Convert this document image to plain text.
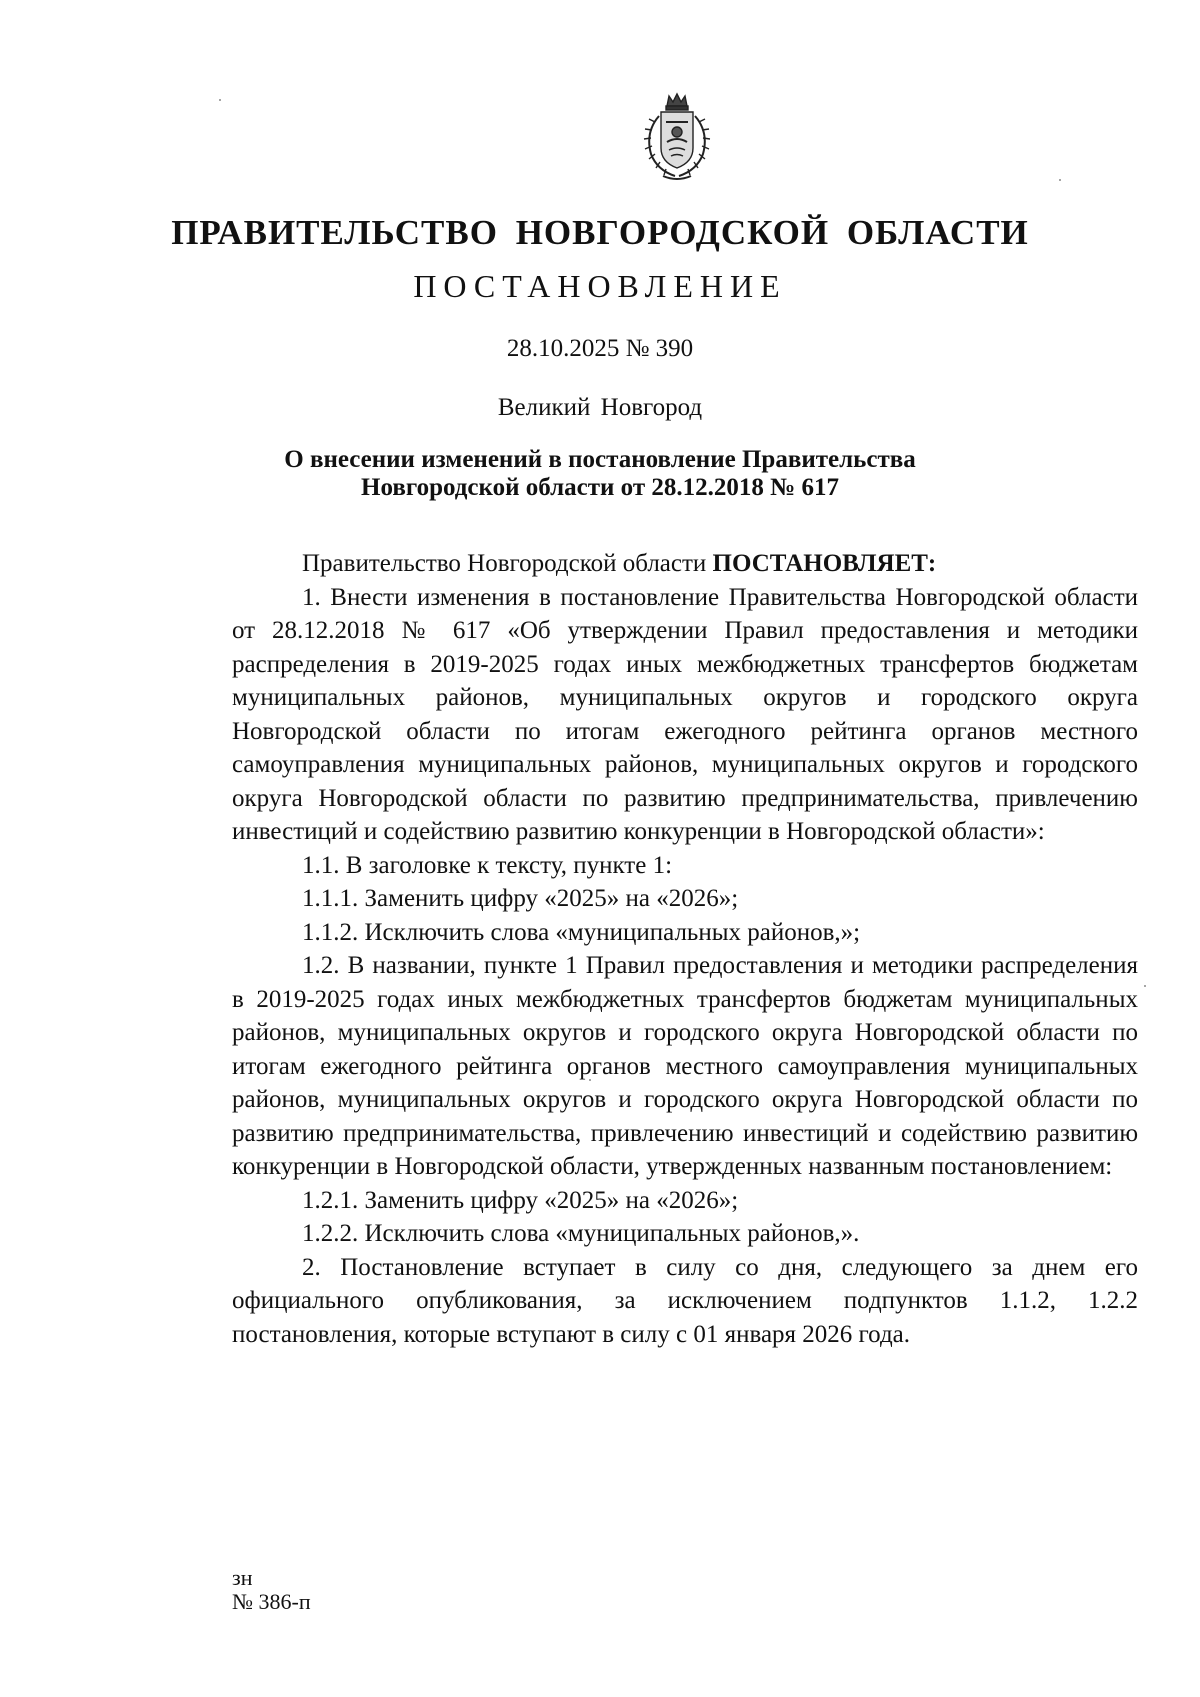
ПРАВИТЕЛЬСТВО НОВГОРОДСКОЙ ОБЛАСТИ
ПОСТАНОВЛЕНИЕ
28.10.2025 № 390
Великий Новгород
О внесении изменений в постановление Правительства
Новгородской области от 28.12.2018 № 617

Правительство Новгородской области ПОСТАНОВЛЯЕТ:

1. Внести изменения в постановление Правительства Новгородской области от 28.12.2018 № 617 «Об утверждении Правил предоставления и методики распределения в 2019-2025 годах иных межбюджетных трансфертов бюджетам муниципальных районов, муниципальных округов и городского округа Новгородской области по итогам ежегодного рейтинга органов местного самоуправления муниципальных районов, муниципальных округов и городского округа Новгородской области по развитию предпринимательства, привлечению инвестиций и содействию развитию конкуренции в Новгородской области»:

1.1. В заголовке к тексту, пункте 1:

1.1.1. Заменить цифру «2025» на «2026»;

1.1.2. Исключить слова «муниципальных районов,»;

1.2. В названии, пункте 1 Правил предоставления и методики распределения в 2019-2025 годах иных межбюджетных трансфертов бюджетам муниципальных районов, муниципальных округов и городского округа Новгородской области по итогам ежегодного рейтинга органов местного самоуправления муниципальных районов, муниципальных округов и городского округа Новгородской области по развитию предпринимательства, привлечению инвестиций и содействию развитию конкуренции в Новгородской области, утвержденных названным постановлением:

1.2.1. Заменить цифру «2025» на «2026»;

1.2.2. Исключить слова «муниципальных районов,».

2. Постановление вступает в силу со дня, следующего за днем его официального опубликования, за исключением подпунктов 1.1.2, 1.2.2 постановления, которые вступают в силу с 01 января 2026 года.

зн
№ 386-п
